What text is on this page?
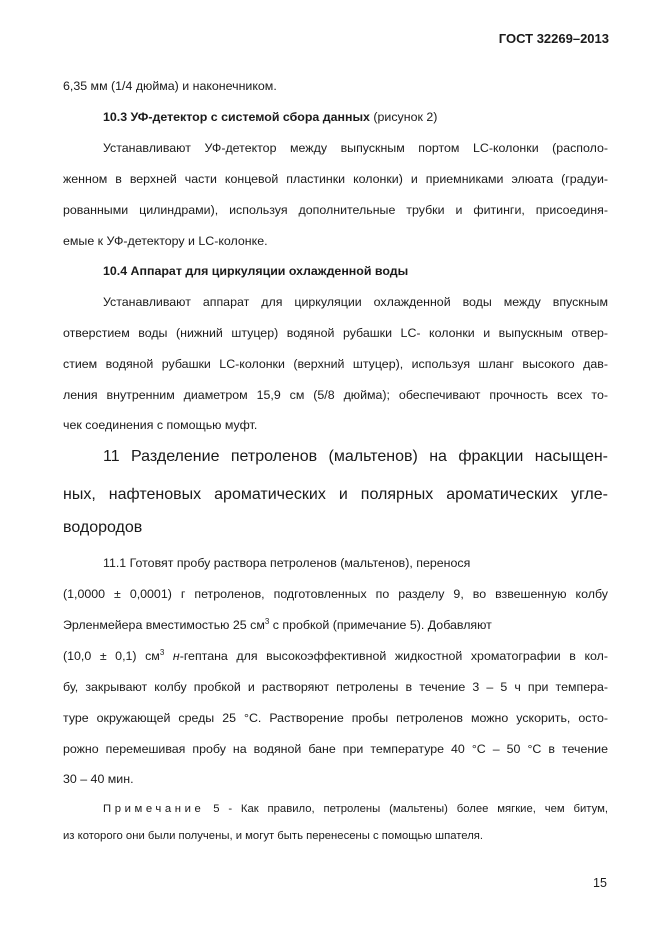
ГОСТ 32269–2013
6,35 мм (1/4 дюйма) и наконечником.
10.3 УФ-детектор с системой сбора данных (рисунок 2)
Устанавливают УФ-детектор между выпускным портом LC-колонки (располо-
женном в верхней части концевой пластинки колонки) и приемниками элюата (градуи-
рованными цилиндрами), используя дополнительные трубки и фитинги, присоединя-
емые к УФ-детектору и LC-колонке.
10.4 Аппарат для циркуляции охлажденной воды
Устанавливают аппарат для циркуляции охлажденной воды между впускным
отверстием воды (нижний штуцер) водяной рубашки LC- колонки и выпускным отвер-
стием водяной рубашки LC-колонки (верхний штуцер), используя шланг высокого дав-
ления внутренним диаметром 15,9 см (5/8 дюйма); обеспечивают прочность всех то-
чек соединения с помощью муфт.
11 Разделение петроленов (мальтенов) на фракции насыщен-
ных, нафтеновых ароматических и полярных ароматических угле-
водородов
11.1 Готовят пробу раствора петроленов (мальтенов), перенося
(1,0000 ± 0,0001) г петроленов, подготовленных по разделу 9, во взвешенную колбу
Эрленмейера вместимостью 25 $см^3$ с пробкой (примечание 5). Добавляют
(10,0 ± 0,1) $см^3$ н-гептана для высокоэффективной жидкостной хроматографии в кол-
бу, закрывают колбу пробкой и растворяют петролены в течение 3 – 5 ч при темпера-
туре окружающей среды 25 °С. Растворение пробы петроленов можно ускорить, осто-
рожно перемешивая пробу на водяной бане при температуре 40 °С – 50 °С в течение
30 – 40 мин.
Примечание 5 - Как правило, петролены (мальтены) более мягкие, чем битум,
из которого они были получены, и могут быть перенесены с помощью шпателя.
15
